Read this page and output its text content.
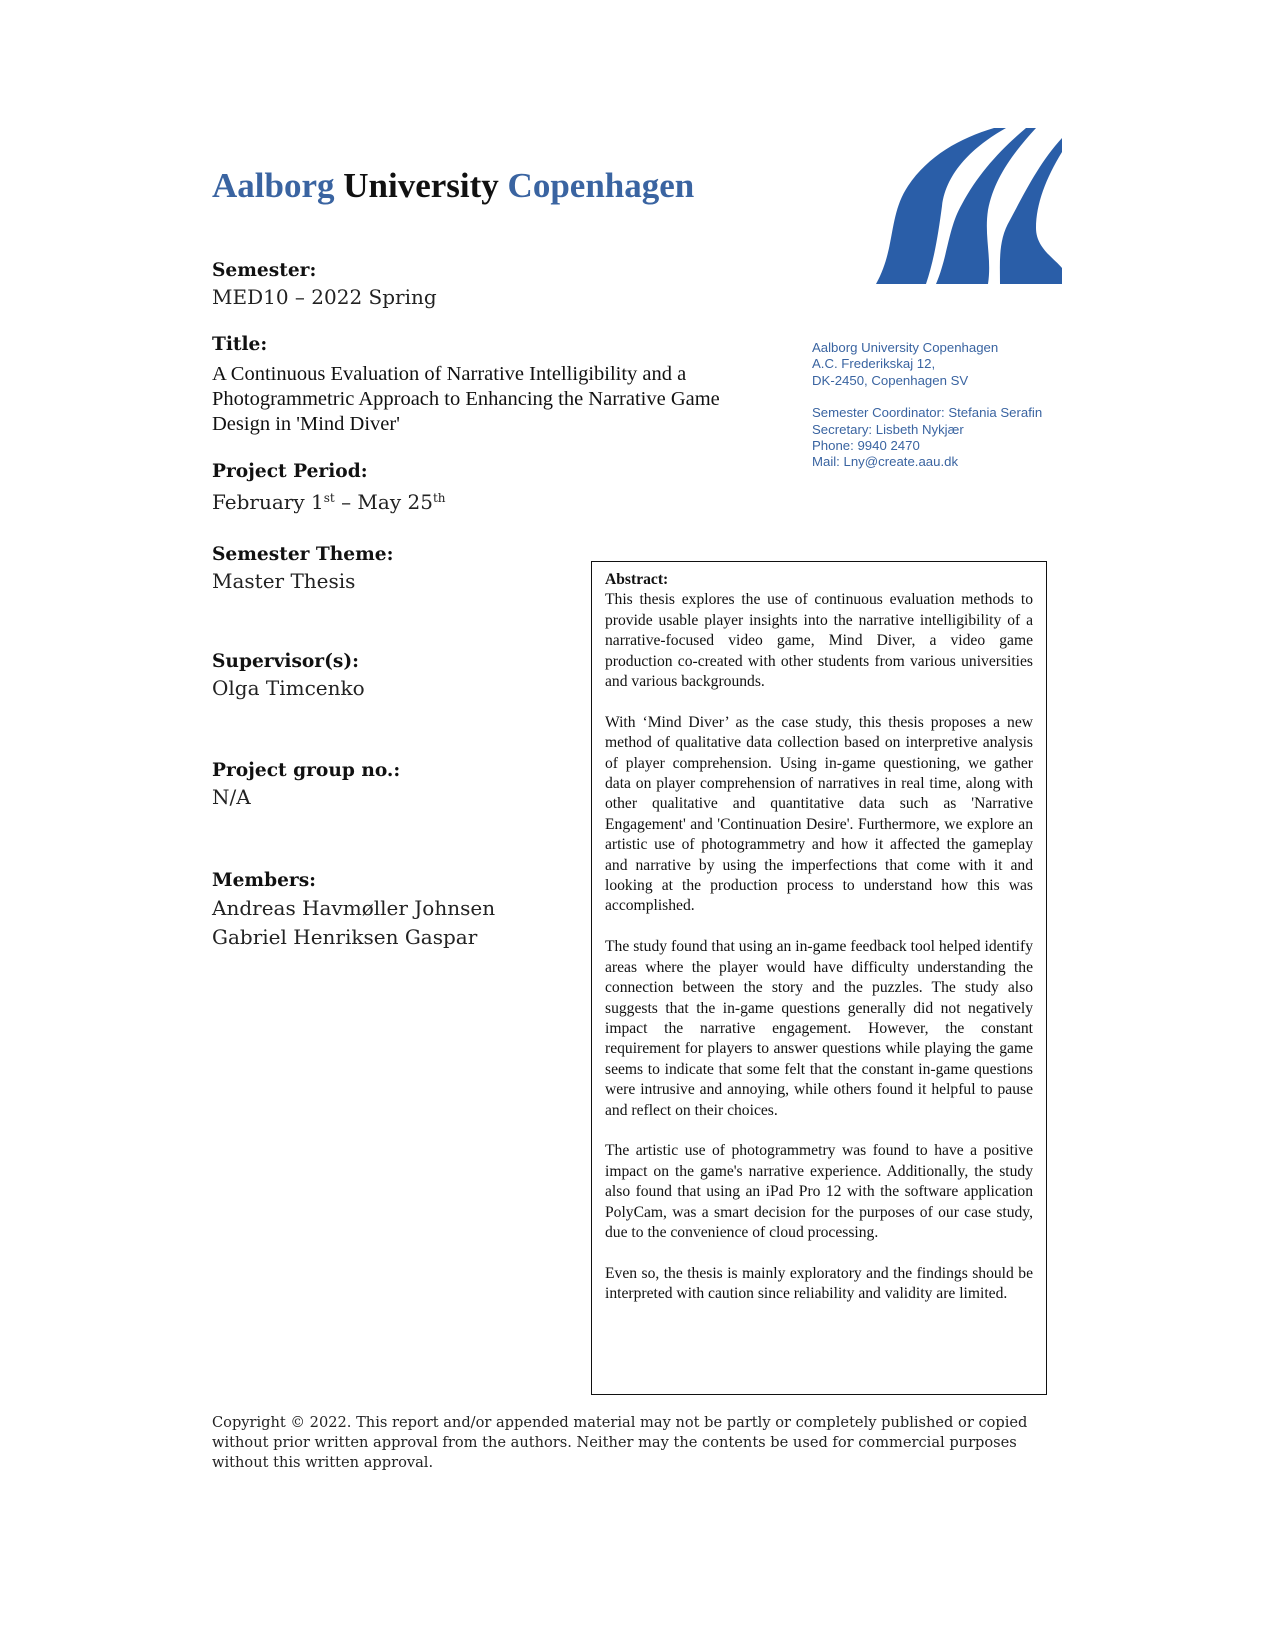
Aalborg University Copenhagen
Aalborg University Copenhagen
A.C. Frederikskaj 12,
DK-2450, Copenhagen SV
Semester Coordinator: Stefania Serafin
Secretary: Lisbeth Nykjær
Phone: 9940 2470
Mail: Lny@create.aau.dk
Semester:
MED10 – 2022 Spring
Title:
A Continuous Evaluation of Narrative Intelligibility and a Photogrammetric Approach to Enhancing the Narrative Game Design in 'Mind Diver'
Project Period:
February 1st – May 25th
Semester Theme:
Master Thesis
Supervisor(s):
Olga Timcenko
Project group no.:
N/A
Members:
Andreas Havmøller Johnsen
Gabriel Henriksen Gaspar
Abstract:

This thesis explores the use of continuous evaluation methods to provide usable player insights into the narrative intelligibility of a narrative-focused video game, Mind Diver, a video game production co-created with other students from various universities and various backgrounds.

With ‘Mind Diver’ as the case study, this thesis proposes a new method of qualitative data collection based on interpretive analysis of player comprehension. Using in-game questioning, we gather data on player comprehension of narratives in real time, along with other qualitative and quantitative data such as 'Narrative Engagement' and 'Continuation Desire'. Furthermore, we explore an artistic use of photogrammetry and how it affected the gameplay and narrative by using the imperfections that come with it and looking at the production process to understand how this was accomplished.

The study found that using an in-game feedback tool helped identify areas where the player would have difficulty understanding the connection between the story and the puzzles. The study also suggests that the in-game questions generally did not negatively impact the narrative engagement. However, the constant requirement for players to answer questions while playing the game seems to indicate that some felt that the constant in-game questions were intrusive and annoying, while others found it helpful to pause and reflect on their choices.

The artistic use of photogrammetry was found to have a positive impact on the game's narrative experience. Additionally, the study also found that using an iPad Pro 12 with the software application PolyCam, was a smart decision for the purposes of our case study, due to the convenience of cloud processing.

Even so, the thesis is mainly exploratory and the findings should be interpreted with caution since reliability and validity are limited.

Copyright © 2022. This report and/or appended material may not be partly or completely published or copied without prior written approval from the authors. Neither may the contents be used for commercial purposes without this written approval.
